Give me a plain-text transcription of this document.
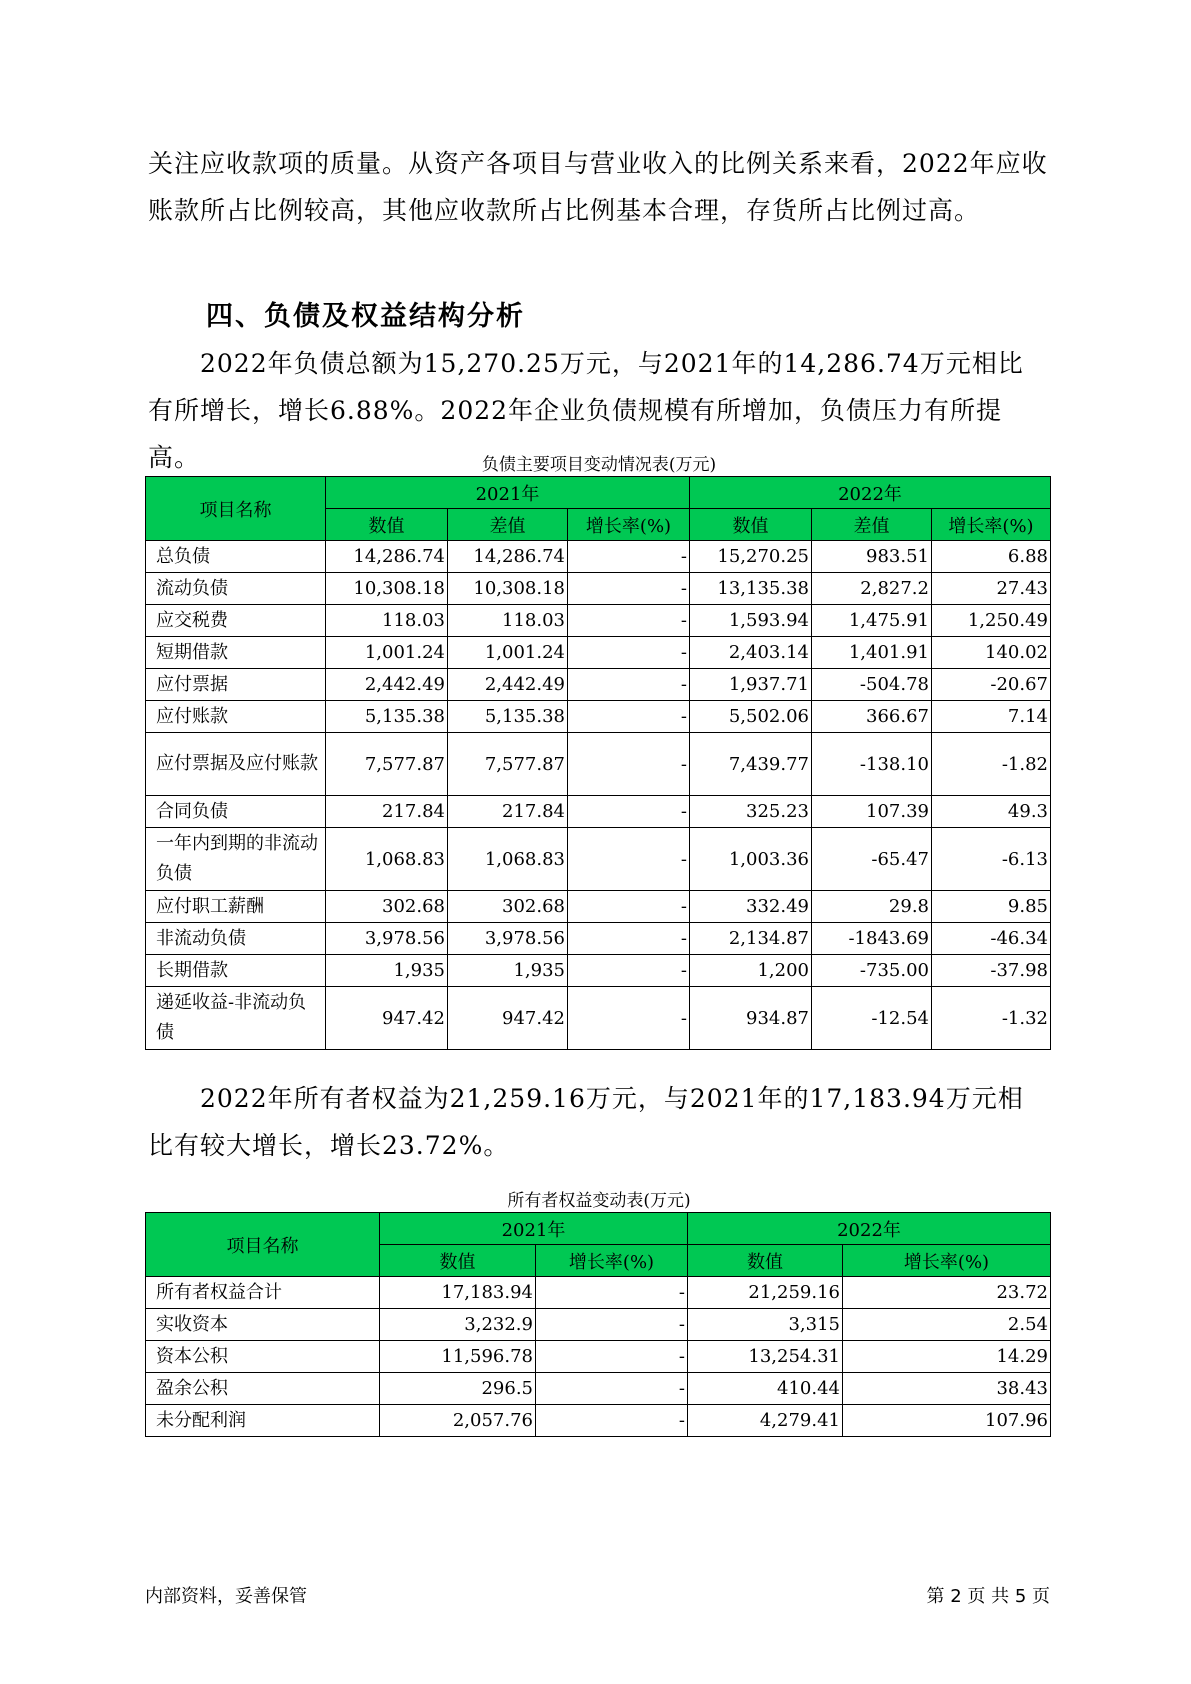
关注应收款项的质量。从资产各项目与营业收入的比例关系来看，2022年应收账款所占比例较高，其他应收款所占比例基本合理，存货所占比例过高。

四、负债及权益结构分析

2022年负债总额为15,270.25万元，与2021年的14,286.74万元相比有所增长，增长6.88%。2022年企业负债规模有所增加，负债压力有所提高。	负债主要项目变动情况表(万元)

项目名称	2021年			2022年		
	数值	差值	增长率(%)	数值	差值	增长率(%)
总负债	14,286.74	14,286.74	-	15,270.25	983.51	6.88
流动负债	10,308.18	10,308.18	-	13,135.38	2,827.2	27.43
应交税费	118.03	118.03	-	1,593.94	1,475.91	1,250.49
短期借款	1,001.24	1,001.24	-	2,403.14	1,401.91	140.02
应付票据	2,442.49	2,442.49	-	1,937.71	-504.78	-20.67
应付账款	5,135.38	5,135.38	-	5,502.06	366.67	7.14
应付票据及应付账款	7,577.87	7,577.87	-	7,439.77	-138.10	-1.82
合同负债	217.84	217.84	-	325.23	107.39	49.3
一年内到期的非流动负债	1,068.83	1,068.83	-	1,003.36	-65.47	-6.13
应付职工薪酬	302.68	302.68	-	332.49	29.8	9.85
非流动负债	3,978.56	3,978.56	-	2,134.87	-1843.69	-46.34
长期借款	1,935	1,935	-	1,200	-735.00	-37.98
递延收益-非流动负债	947.42	947.42	-	934.87	-12.54	-1.32

2022年所有者权益为21,259.16万元，与2021年的17,183.94万元相比有较大增长，增长23.72%。

所有者权益变动表(万元)

项目名称	2021年		2022年	
	数值	增长率(%)	数值	增长率(%)
所有者权益合计	17,183.94	-	21,259.16	23.72
实收资本	3,232.9	-	3,315	2.54
资本公积	11,596.78	-	13,254.31	14.29
盈余公积	296.5	-	410.44	38.43
未分配利润	2,057.76	-	4,279.41	107.96

内部资料，妥善保管	第 2 页 共 5 页
